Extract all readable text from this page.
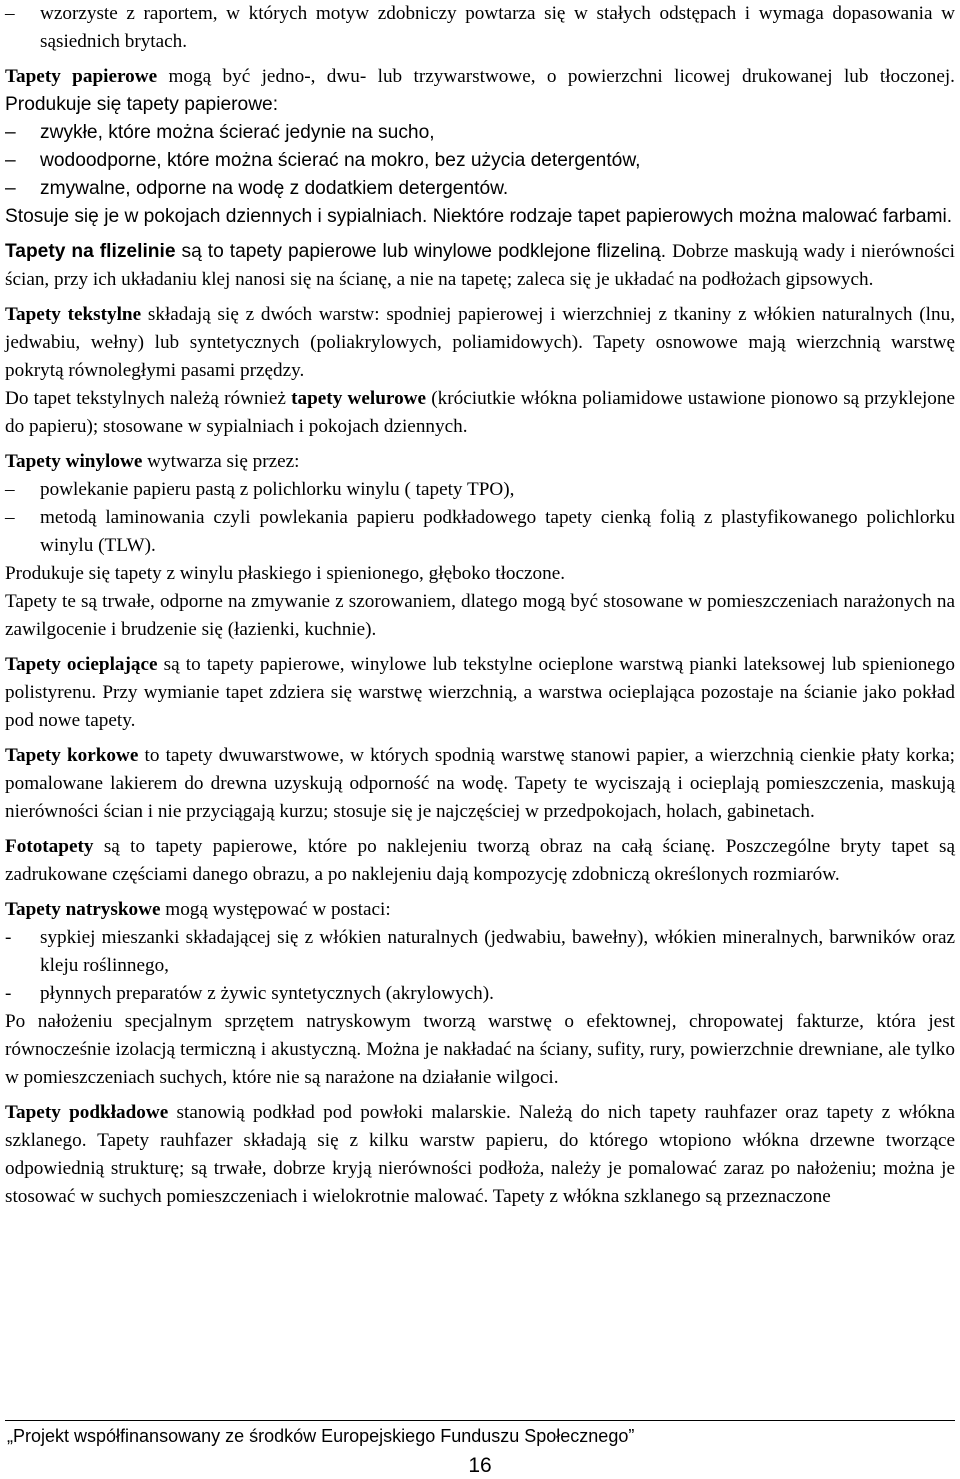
–	wzorzyste z raportem, w których motyw zdobniczy powtarza się w stałych odstępach i wymaga dopasowania w sąsiednich brytach.

Tapety papierowe mogą być jedno-, dwu- lub trzywarstwowe, o powierzchni licowej drukowanej lub tłoczonej. Produkuje się tapety papierowe:

–	zwykłe, które można ścierać jedynie na sucho,
–	wodoodporne, które można ścierać na mokro, bez użycia detergentów,
–	zmywalne, odporne na wodę z dodatkiem detergentów.

Stosuje się je w pokojach dziennych i sypialniach. Niektóre rodzaje tapet papierowych można malować farbami.

Tapety na flizelinie są to tapety papierowe lub winylowe podklejone flizeliną. Dobrze maskują wady i nierówności ścian, przy ich układaniu klej nanosi się na ścianę, a nie na tapetę; zaleca się je układać na podłożach gipsowych.

Tapety tekstylne składają się z dwóch warstw: spodniej papierowej i wierzchniej z tkaniny z włókien naturalnych (lnu, jedwabiu, wełny) lub syntetycznych (poliakrylowych, poliamidowych). Tapety osnowowe mają wierzchnią warstwę pokrytą równoległymi pasami przędzy.

Do tapet tekstylnych należą również tapety welurowe (króciutkie włókna poliamidowe ustawione pionowo są przyklejone do papieru); stosowane w sypialniach i pokojach dziennych.

Tapety winylowe wytwarza się przez:

–	powlekanie papieru pastą z polichlorku winylu ( tapety TPO),
–	metodą laminowania czyli powlekania papieru podkładowego tapety cienką folią z plastyfikowanego polichlorku winylu (TLW).

Produkuje się tapety z winylu płaskiego i spienionego, głęboko tłoczone.

Tapety te są trwałe, odporne na zmywanie z szorowaniem, dlatego mogą być stosowane w pomieszczeniach narażonych na zawilgocenie i brudzenie się (łazienki, kuchnie).

Tapety ocieplające są to tapety papierowe, winylowe lub tekstylne ocieplone warstwą pianki lateksowej lub spienionego polistyrenu. Przy wymianie tapet zdziera się warstwę wierzchnią, a warstwa ocieplająca pozostaje na ścianie jako pokład pod nowe tapety.

Tapety korkowe to tapety dwuwarstwowe, w których spodnią warstwę stanowi papier, a wierzchnią cienkie płaty korka; pomalowane lakierem do drewna uzyskują odporność na wodę. Tapety te wyciszają i ocieplają pomieszczenia, maskują nierówności ścian i nie przyciągają kurzu; stosuje się je najczęściej w przedpokojach, holach, gabinetach.

Fototapety są to tapety papierowe, które po naklejeniu tworzą obraz na całą ścianę. Poszczególne bryty tapet są zadrukowane częściami danego obrazu, a po naklejeniu dają kompozycję zdobniczą określonych rozmiarów.

Tapety natryskowe mogą występować w postaci:

-	sypkiej mieszanki składającej się z włókien naturalnych (jedwabiu, bawełny), włókien mineralnych, barwników oraz kleju roślinnego,
-	płynnych preparatów z żywic syntetycznych (akrylowych).

Po nałożeniu specjalnym sprzętem natryskowym tworzą warstwę o efektownej, chropowatej fakturze, która jest równocześnie izolacją termiczną i akustyczną. Można je nakładać na ściany, sufity, rury, powierzchnie drewniane, ale tylko w pomieszczeniach suchych, które nie są narażone na działanie wilgoci.

Tapety podkładowe stanowią podkład pod powłoki malarskie. Należą do nich tapety rauhfazer oraz tapety z włókna szklanego. Tapety rauhfazer składają się z kilku warstw papieru, do którego wtopiono włókna drzewne tworzące odpowiednią strukturę; są trwałe, dobrze kryją nierówności podłoża, należy je pomalować zaraz po nałożeniu; można je stosować w suchych pomieszczeniach i wielokrotnie malować. Tapety z włókna szklanego są przeznaczone

„Projekt współfinansowany ze środków Europejskiego Funduszu Społecznego”
16
